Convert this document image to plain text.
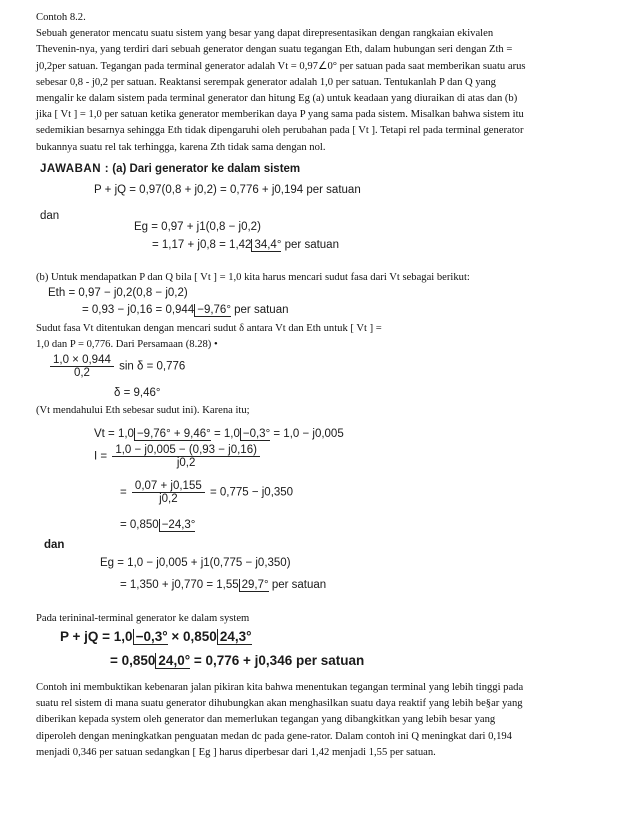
Contoh 8.2.

Sebuah generator mencatu suatu sistem yang besar yang dapat direpresentasikan dengan rangkaian ekivalen

Thevenin-nya, yang terdiri dari sebuah generator dengan suatu tegangan Eth, dalam hubungan seri dengan Zth =

j0,2per satuan. Tegangan pada terminal generator adalah Vt = 0,97∠0° per satuan pada saat memberikan suatu arus

sebesar 0,8 - j0,2 per satuan. Reaktansi serempak generator adalah 1,0 per satuan. Tentukanlah P dan Q yang

mengalir ke dalam sistem pada terminal generator dan hitung Eg (a) untuk keadaan yang diuraikan di atas dan (b)

jika [ Vt ] = 1,0 per satuan ketika generator memberikan daya P yang sama pada sistem. Misalkan bahwa sistem itu

sedemikian besarnya sehingga Eth tidak dipengaruhi oleh perubahan pada [ Vt ]. Tetapi rel pada terminal generator

bukannya suatu rel tak terhingga, karena Zth tidak sama dengan nol.

JAWABAN : (a) Dari generator ke dalam sistem
P + jQ = 0,97(0,8 + j0,2) = 0,776 + j0,194 per satuan
dan
Eg = 0,97 + j1(0,8 − j0,2)
= 1,17 + j0,8 = 1,42 34,4° per satuan

(b) Untuk mendapatkan P dan Q bila [ Vt ] = 1,0 kita harus mencari sudut fasa dari Vt sebagai berikut:

Eth = 0,97 − j0,2(0,8 − j0,2)
= 0,93 − j0,16 = 0,944 −9,76° per satuan

Sudut fasa Vt ditentukan dengan mencari sudut δ antara Vt dan Eth untuk [ Vt ] =

1,0 dan P = 0,776. Dari Persamaan (8.28) •

$\frac{1,0 \times 0,944}{0,2}$ sin δ = 0,776
δ = 9,46°

(Vt mendahului Eth sebesar sudut ini). Karena itu;

Vt = 1,0 −9,76° + 9,46° = 1,0 −0,3° = 1,0 − j0,005
$I = \frac{1,0 - j0,005 - (0,93 - j0,16)}{j0,2}$
= $\frac{0,07 + j0,155}{j0,2} = 0,775 - j0,350$
= 0,850 −24,3°
dan
Eg = 1,0 − j0,005 + j1(0,775 − j0,350)
= 1,350 + j0,770 = 1,55 29,7° per satuan

Pada terininal-terminal generator ke dalam system

P + jQ = 1,0 −0,3° × 0,850 24,3°
= 0,850 24,0° = 0,776 + j0,346 per satuan

Contoh ini membuktikan kebenaran jalan pikiran kita bahwa menentukan tegangan terminal yang lebih tinggi pada

suatu rel sistem di mana suatu generator dihubungkan akan menghasilkan suatu daya reaktif yang lebih be§ar yang

diberikan kepada system oleh generator dan memerlukan tegangan yang dibangkitkan yang lebih besar yang

diperoleh dengan meningkatkan penguatan medan dc pada gene-rator. Dalam contoh ini Q meningkat dari 0,194

menjadi 0,346 per satuan sedangkan [ Eg ] harus diperbesar dari 1,42 menjadi 1,55 per satuan.
